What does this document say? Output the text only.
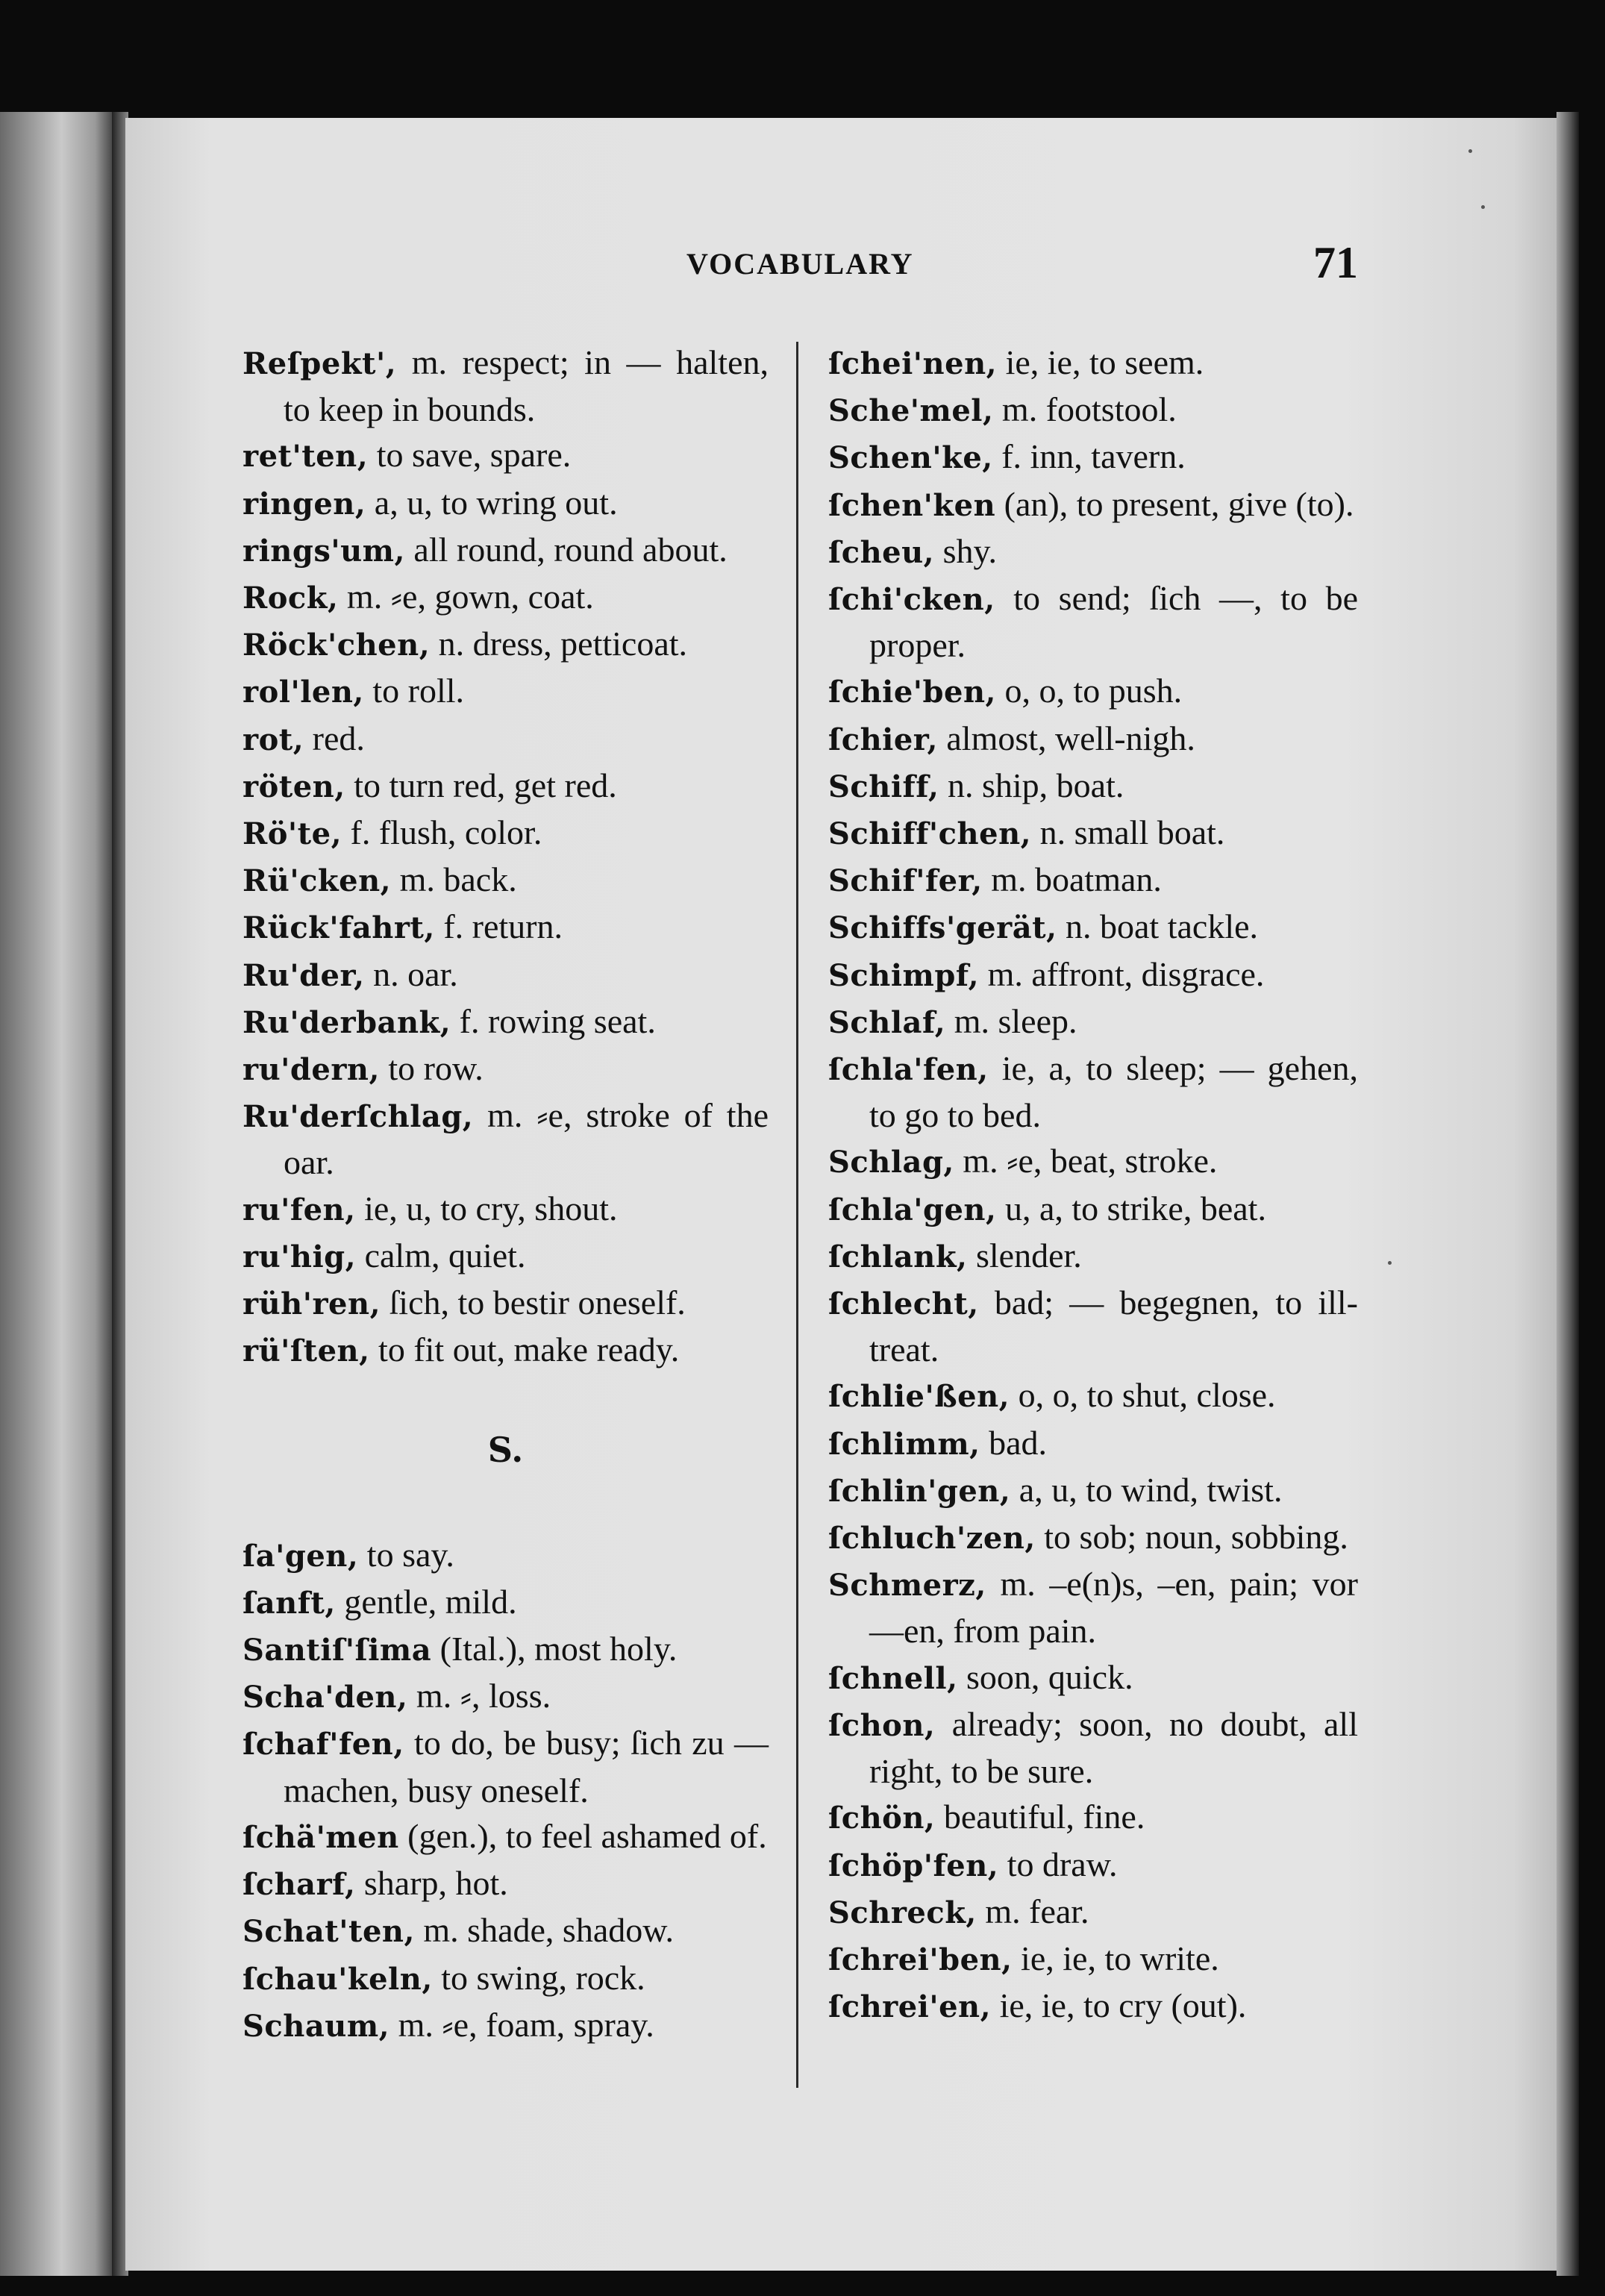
VOCABULARY	71

Reſpekt', m. respect; in — halten, to keep in bounds.

ret'ten, to save, spare.

ringen, a, u, to wring out.

rings'um, all round, round about.

Rock, m. ⸗e, gown, coat.

Röck'chen, n. dress, petticoat.

rol'len, to roll.

rot, red.

röten, to turn red, get red.

Rö'te, f. flush, color.

Rü'cken, m. back.

Rück'fahrt, f. return.

Ru'der, n. oar.

Ru'derbank, f. rowing seat.

ru'dern, to row.

Ru'derſchlag, m. ⸗e, stroke of the oar.

ru'fen, ie, u, to cry, shout.

ru'hig, calm, quiet.

rüh'ren, ſich, to bestir oneself.

rü'ſten, to fit out, make ready.

S.

ſa'gen, to say.

ſanft, gentle, mild.

Santiſ'ſima (Ital.), most holy.

Scha'den, m. ⸗, loss.

ſchaf'fen, to do, be busy; ſich zu — machen, busy oneself.

ſchä'men (gen.), to feel ashamed of.

ſcharf, sharp, hot.

Schat'ten, m. shade, shadow.

ſchau'keln, to swing, rock.

Schaum, m. ⸗e, foam, spray.

ſchei'nen, ie, ie, to seem.

Sche'mel, m. footstool.

Schen'ke, f. inn, tavern.

ſchen'ken (an), to present, give (to).

ſcheu, shy.

ſchi'cken, to send; ſich —, to be proper.

ſchie'ben, o, o, to push.

ſchier, almost, well-nigh.

Schiff, n. ship, boat.

Schiff'chen, n. small boat.

Schif'fer, m. boatman.

Schiffs'gerät, n. boat tackle.

Schimpf, m. affront, disgrace.

Schlaf, m. sleep.

ſchla'fen, ie, a, to sleep; — gehen, to go to bed.

Schlag, m. ⸗e, beat, stroke.

ſchla'gen, u, a, to strike, beat.

ſchlank, slender.

ſchlecht, bad; — begegnen, to ill-treat.

ſchlie'ßen, o, o, to shut, close.

ſchlimm, bad.

ſchlin'gen, a, u, to wind, twist.

ſchluch'zen, to sob; noun, sobbing.

Schmerz, m. –e(n)s, –en, pain; vor —en, from pain.

ſchnell, soon, quick.

ſchon, already; soon, no doubt, all right, to be sure.

ſchön, beautiful, fine.

ſchöp'fen, to draw.

Schreck, m. fear.

ſchrei'ben, ie, ie, to write.

ſchrei'en, ie, ie, to cry (out).
